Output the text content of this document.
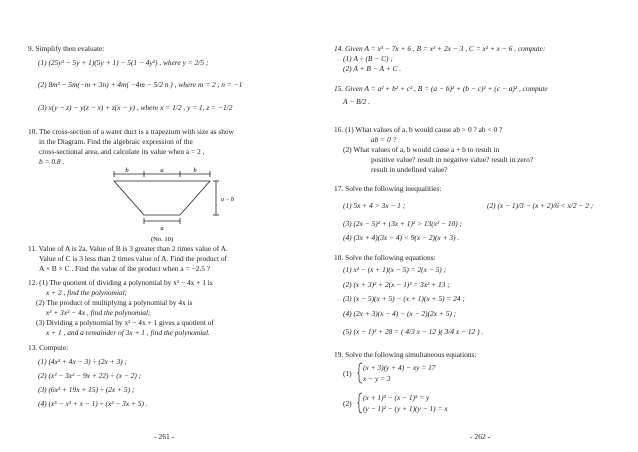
9. Simplify then evaluate:
(1) (25y² − 5y + 1)(5y + 1) − 5(1 − 4y²) , where y = 2/5 ;
(2) 8m² − 5m(−m + 3n) + 4m( −4m − 5/2 n ) , where m = 2 , n = −1
(3) x(y − z) − y(z − x) + z(x − y) , where x = 1/2 , y = 1, z = −1/2
10. The cross-section of a water duct is a trapezium with size as show
in the Diagram. Find the algebraic expression of the
cross-sectional area, and calculate its value when a = 2 ,
b = 0.8 .
b	a	b
a − b
a
(No. 10)
11. Value of A is 2a. Value of B is 3 greater than 2 times value of A.
Value of C is 3 less than 2 times value of A. Find the product of
A × B × C . Find the value of the product when a = −2.5 ?
12. (1) The quotient of dividing a polynomial by x² − 4x + 1 is
x + 2 , find the polynomial;
(2) The product of multiplying a polynomial by 4x is
x³ + 3x² − 4x , find the polynomial;
(3) Dividing a polynomial by x² − 4x + 1 gives a quotient of
x + 1 , and a remainder of 3x + 1 , find the polynomial.
13. Compute:
(1) (4x² + 4x − 3) ÷ (2x + 3) ;
(2) (x³ − 3x² − 9x + 22) ÷ (x − 2) ;
(3) (6x³ + 19x + 15) ÷ (2x + 5) ;
(4) (x⁵ − x³ + x − 1) ÷ (x² − 3x + 5) .
- 261 -
14. Given A = x³ − 7x + 6 , B = x² + 2x − 3 , C = x² + x − 6 , compute:
(1) A ÷ (B − C) ;
(2) A + B − A + C .
15. Given A = a² + b² + c² , B = (a − b)² + (b − c)² + (c − a)² , compute
A − B/2 .
16. (1) What values of a, b would cause ab > 0 ? ab < 0 ?
ab = 0 ?
(2) What values of a, b would cause a + b to result in
positive value? result in negative value? result in zero?
result in undefined value?
17. Solve the following inequalities:
(1) 5x + 4 > 3x − 1 ;	(2) (x − 1)/3 − (x + 2)/6 < x/2 − 2 ;
(3) (2x − 5)² + (3x + 1)² > 13(x² − 10) ;
(4) (3x + 4)(3x − 4) < 9(x − 2)(x + 3) .
18. Solve the following equations:
(1) x² − (x + 1)(x − 5) = 2(x − 5) ;
(2) (x + 3)² + 2(x − 1)² = 3x² + 13 ;
(3) (x − 5)(x + 5) − (x + 1)(x + 5) = 24 ;
(4) (2x + 3)(x − 4) − (x − 2)(2x + 5) ;
(5) (x − 1)² + 28 = ( 4/3 x − 12 )( 3/4 x − 12 ) .
19. Solve the following simultaneous equations:
(1)
(x + 3)(y + 4) − xy = 17
x − y = 3
(2)
(x + 1)² − (x − 1)² = y
(y − 1)² − (y + 1)(y − 1) = x
- 262 -
